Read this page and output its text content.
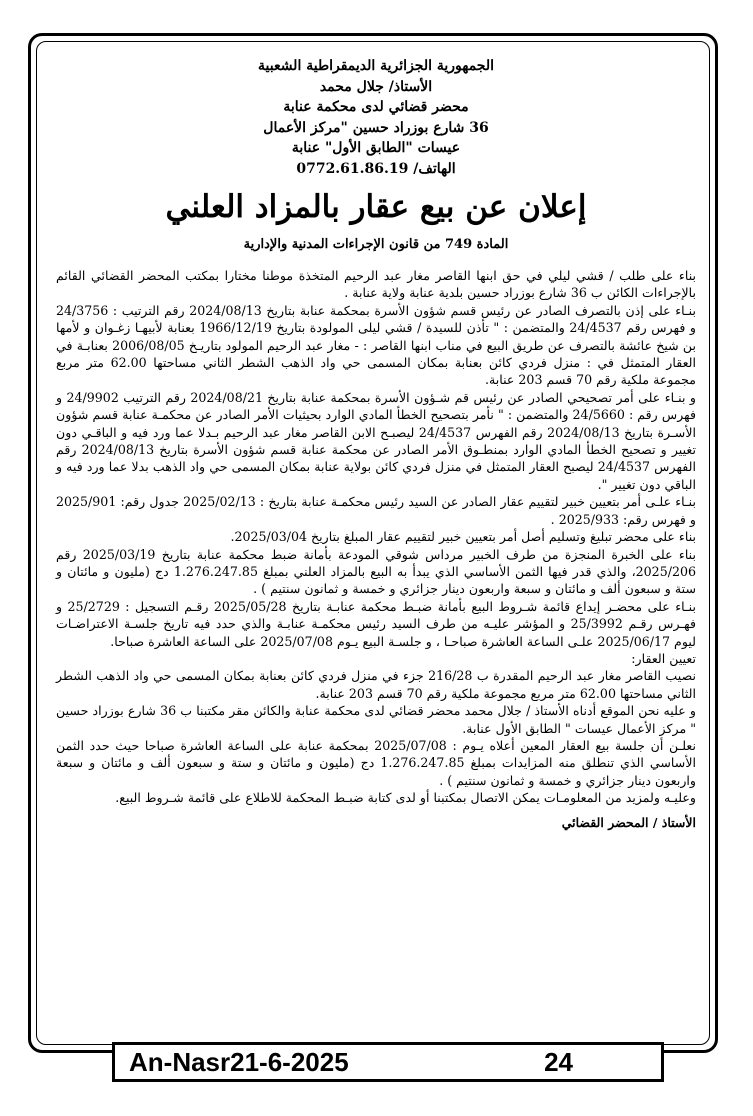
الجمهورية الجزائرية الديمقراطية الشعبية
الأستاذ/ جلال محمد
محضر قضائي لدى محكمة عنابة
36 شارع بوزراد حسين "مركز الأعمال
عيسات "الطابق الأول" عنابة
الهاتف/ 0772.61.86.19
إعلان عن بيع عقار بالمزاد العلني
المادة 749 من قانون الإجراءات المدنية والإدارية

بناء على طلب / قشي ليلي في حق ابنها القاصر مغار عبد الرحيم المتخذة موطنا مختارا بمكتب المحضر القضائي القائم بالإجراءات الكائن ب 36 شارع بوزراد حسين بلدية عنابة ولاية عنابة .

بنـاء على إذن بالتصرف الصادر عن رئيس قسم شؤون الأسرة بمحكمة عنابة بتاريخ 2024/08/13 رقم الترتيب : 24/3756 و فهرس رقم 24/4537 والمتضمن : " تأذن للسيدة / قشي ليلى المولودة بتاريخ 1966/12/19 بعنابة لأبيهـا زغـوان و لأمها بن شيخ عائشة بالتصرف عن طريق البيع في مناب ابنها القاصر : - مغار عبد الرحيم المولود بتاريـخ 2006/08/05 بعنابـة في العقار المتمثل في : منزل فردي كائن بعنابة بمكان المسمى حي واد الذهب الشطر الثاني مساحتها 62.00 متر مربع مجموعة ملكية رقم 70 قسم 203 عنابة.

و بنـاء على أمر تصحيحي الصادر عن رئيس قم شـؤون الأسرة بمحكمة عنابة بتاريخ 2024/08/21 رقم الترتيب 24/9902 و فهرس رقم : 24/5660 والمتضمن : " نأمر بتصحيح الخطأ المادي الوارد بحيثيات الأمر الصادر عن محكمـة عنابة قسم شؤون الأسـرة بتاريخ 2024/08/13 رقم الفهرس 24/4537 ليصبـح الابن القاصر مغار عبد الرحيم بـدلا عما ورد فيه و الباقـي دون تغيير و تصحيح الخطأ المادي الوارد بمنطـوق الأمر الصادر عن محكمة عنابة قسم شؤون الأسرة بتاريخ 2024/08/13 رقم الفهرس 24/4537 ليصبح العقار المتمثل في منزل فردي كائن بولاية عنابة بمكان المسمى حي واد الذهب بدلا عما ورد فيه و الباقي دون تغيير ".

بنـاء علـى أمر بتعيين خبير لتقييم عقار الصادر عن السيد رئيس محكمـة عنابة بتاريخ : 2025/02/13 جدول رقم: 2025/901 و فهرس رقم: 2025/933 .

بناء على محضر تبليغ وتسليم أصل أمر بتعيين خبير لتقييم عقار المبلغ بتاريخ 2025/03/04.

بناء على الخبرة المنجزة من طرف الخبير مرداس شوقي المودعة بأمانة ضبط محكمة عنابة بتاريخ 2025/03/19 رقم 2025/206، والذي قدر فيها الثمن الأساسي الذي يبدأ به البيع بالمزاد العلني بمبلغ 1.276.247.85 دج (مليون و مائتان و ستة و سبعون ألف و مائتان و سبعة واربعون دينار جزائري و خمسة و ثمانون سنتيم ) .

بنـاء على محضـر إيداع قائمة شـروط البيع بأمانة ضبـط محكمة عنابـة بتاريخ 2025/05/28 رقـم التسجيل : 25/2729 و فهـرس رقـم 25/3992 و المؤشر عليـه من طرف السيد رئيس محكمـة عنابـة والذي حدد فيه تاريخ جلسـة الاعتراضـات ليوم 2025/06/17 علـى الساعة العاشرة صباحـا ، و جلسـة البيع يـوم 2025/07/08 على الساعة العاشرة صباحا.

تعيين العقار:

نصيب القاصر مغار عبد الرحيم المقدرة ب 216/28 جزء في منزل فردي كائن بعنابة بمكان المسمى حي واد الذهب الشطر الثاني مساحتها 62.00 متر مربع مجموعة ملكية رقم 70 قسم 203 عنابة.

و عليه نحن الموقع أدناه الأستاذ / جلال محمد محضر قضائي لدى محكمة عنابة والكائن مقر مكتبنا ب 36 شارع بوزراد حسين " مركز الأعمال عيسات " الطابق الأول عنابة.

نعلـن أن جلسة بيع العقار المعين أعلاه يـوم : 2025/07/08 بمحكمة عنابة على الساعة العاشرة صباحا حيث حدد الثمن الأساسي الذي تنطلق منه المزايدات بمبلغ 1.276.247.85 دج (مليون و مائتان و ستة و سبعون ألف و مائتان و سبعة واربعون دينار جزائري و خمسة و ثمانون سنتيم ) .

وعليـه ولمزيد من المعلومـات يمكن الاتصال بمكتبنا أو لدى كتابة ضبـط المحكمة للاطلاع على قائمة شـروط البيع.

الأستاذ / المحضر القضائي
An-Nasr21-6-2025	24
